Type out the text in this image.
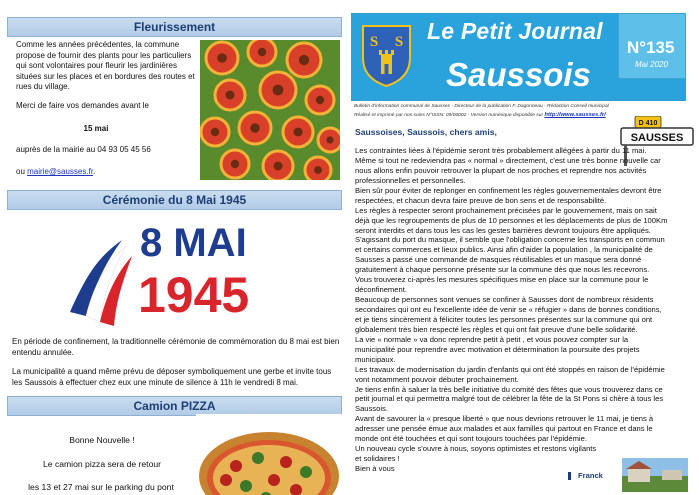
Fleurissement
Comme les années précédentes, la commune propose de fournir des plants pour les particuliers qui sont volontaires pour fleurir les jardinières situées sur les places et en bordures des routes et rues du village.
Merci de faire vos demandes avant le
15 mai
auprès de la mairie au 04 93 05 45 56
ou mairie@sausses.fr.
Cérémonie du 8 Mai 1945
8 MAI
1945
En période de confinement, la traditionnelle cérémonie de commémoration du 8 mai est bien entendu annulée.
La municipalité a quand même prévu de déposer symboliquement une gerbe et invite tous les Saussois à effectuer chez eux une minute de silence à 11h le vendredi 8 mai.
Camion PIZZA
Bonne Nouvelle !
Le camion pizza sera de retour
les 13 et 27 mai sur le parking du pont
S S Le Petit Journal
Saussois
N°135
Mai 2020
Bulletin d'information communal de Sausses - Directeur de la publication F. Dagonneau - Rédaction Conseil municipal
Réalisé et imprimé par nos soins N°ISSN: 09/00002 - Version numérique disponible sur http://www.sausses.fr/
D 410
SAUSSES
Saussoises, Saussois, chers amis,

Les contraintes liées à l'épidémie seront très probablement allégées à partir du 11 mai.

Même si tout ne redeviendra pas « normal » directement, c'est une très bonne nouvelle car nous allons enfin pouvoir retrouver la plupart de nos proches et reprendre nos activités professionnelles et personnelles.

Bien sûr pour éviter de replonger en confinement les règles gouvernementales devront être respectées, et chacun devra faire preuve de bon sens et de responsabilité.

Les règles à respecter seront prochainement précisées par le gouvernement, mais on sait déjà que les regroupements de plus de 10 personnes et les déplacements de plus de 100Km seront interdits et dans tous les cas les gestes barrières devront toujours être appliqués. S'agissant du port du masque, il semble que l'obligation concerne les transports en commun et certains commerces et lieux publics. Ainsi afin d'aider la population , la municipalité de Sausses a passé une commande de masques réutilisables et un masque sera donné gratuitement à chaque personne présente sur la commune dès que nous les recevrons.

Vous trouverez ci-après les mesures spécifiques mise en place sur la commune pour le déconfinement.

Beaucoup de personnes sont venues se confiner à Sausses dont de nombreux résidents secondaires qui ont eu l'excellente idée de venir se « réfugier » dans de bonnes conditions, et je tiens sincèrement à féliciter toutes les personnes présentes sur la commune qui ont globalement très bien respecté les règles et qui ont fait preuve d'une belle solidarité.

La vie « normale » va donc reprendre petit à petit , et vous pouvez compter sur la municipalité pour reprendre avec motivation et détermination la poursuite des projets municipaux.

Les travaux de modernisation du jardin d'enfants qui ont été stoppés en raison de l'épidémie vont notamment pouvoir débuter prochainement.

Je tiens enfin à saluer la très belle initiative du comité des fêtes que vous trouverez dans ce petit journal et qui permettra malgré tout de célébrer la fête de la St Pons si chère à tous les Saussois.

Avant de savourer la « presque liberté » que nous devrions retrouver le 11 mai, je tiens à adresser une pensée émue aux malades et aux familles qui partout en France et dans le monde ont été touchées et qui sont toujours touchées par l'épidémie.

Un nouveau cycle s'ouvre à nous, soyons optimistes et restons vigilants et solidaires !

Bien à vous

Franck
